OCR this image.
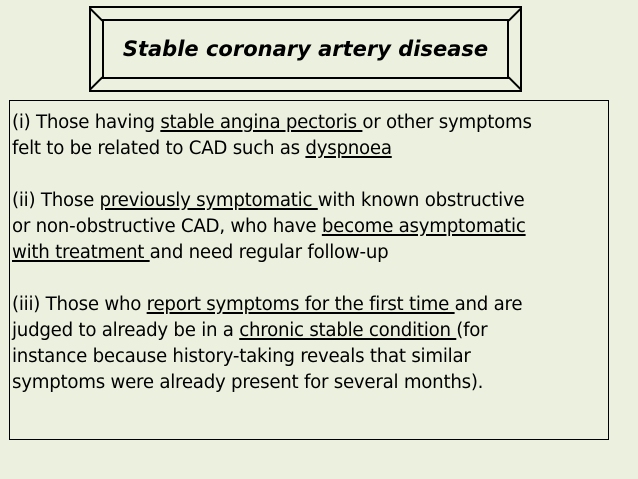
Stable coronary artery disease
(i) Those having stable angina pectoris or other symptoms
felt to be related to CAD such as dyspnoea
(ii) Those previously symptomatic with known obstructive
or non-obstructive CAD, who have become asymptomatic
with treatment and need regular follow-up
(iii) Those who report symptoms for the first time and are
judged to already be in a chronic stable condition (for
instance because history-taking reveals that similar
symptoms were already present for several months).
